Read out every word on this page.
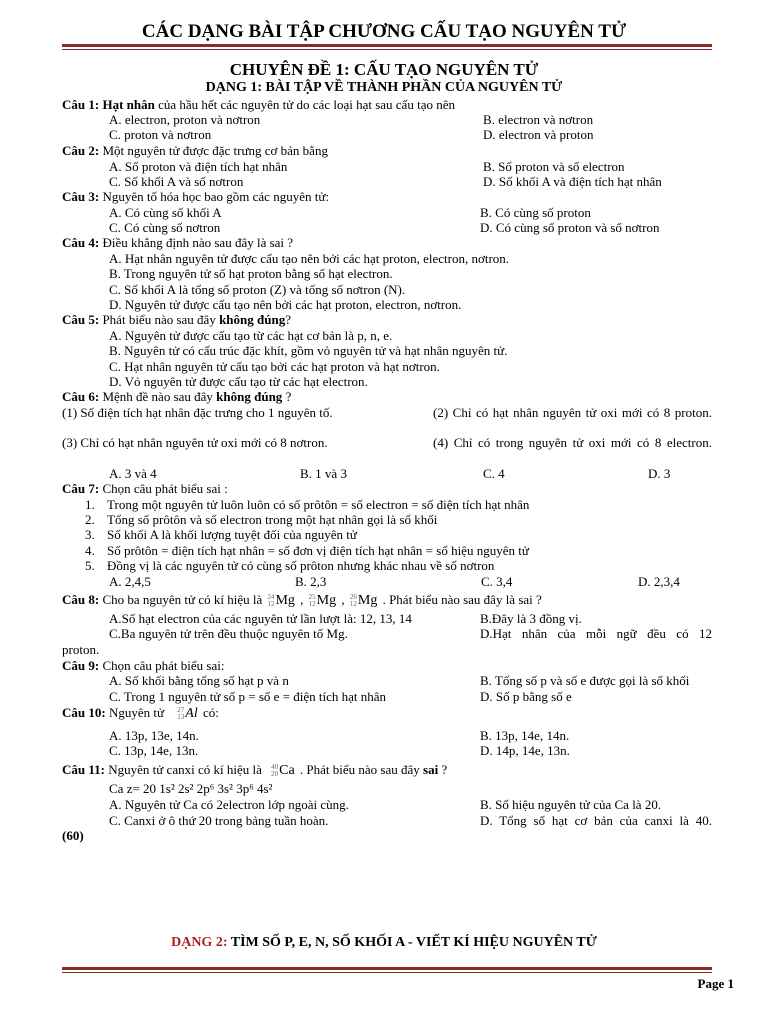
CÁC DẠNG BÀI TẬP CHƯƠNG CẤU TẠO NGUYÊN TỬ
CHUYÊN ĐỀ 1: CẤU TẠO NGUYÊN TỬ
DẠNG 1: BÀI TẬP VỀ THÀNH PHẦN CỦA NGUYÊN TỬ
Câu 1: Hạt nhân của hầu hết các nguyên tử do các loại hạt sau cấu tạo nên
A. electron, proton và nơtron	B. electron và nơtron
C. proton và nơtron	D. electron và proton
Câu 2: Một nguyên tử được đặc trưng cơ bản bằng
A. Số proton và điện tích hạt nhân	B. Số proton và số electron
C. Số khối A và số nơtron	D. Số khối A và điện tích hạt nhân
Câu 3: Nguyên tố hóa học bao gồm các nguyên tử:
A. Có cùng số khối A	B. Có cùng số proton
C. Có cùng số nơtron	D. Có cùng số proton và số nơtron
Câu 4: Điều khẳng định nào sau đây là sai ?
A. Hạt nhân nguyên tử được cấu tạo nên bởi các hạt proton, electron, nơtron.
B. Trong nguyên tử số hạt proton bằng số hạt electron.
C. Số khối A là tổng số proton (Z) và tổng số nơtron (N).
D. Nguyên tử được cấu tạo nên bởi các hạt proton, electron, nơtron.
Câu 5: Phát biểu nào sau đây không đúng?
A. Nguyên tử được cấu tạo từ các hạt cơ bản là p, n, e.
B. Nguyên tử có cấu trúc đặc khít, gồm vỏ nguyên tử và hạt nhân nguyên tử.
C. Hạt nhân nguyên tử cấu tạo bởi các hạt proton và hạt nơtron.
D. Vỏ nguyên tử được cấu tạo từ các hạt electron.
Câu 6: Mệnh đề nào sau đây không đúng ?
(1) Số điện tích hạt nhân đặc trưng cho 1 nguyên tố.	(2) Chỉ có hạt nhân nguyên tử oxi mới có 8 proton.
(3) Chỉ có hạt nhân nguyên tử oxi mới có 8 nơtron.	(4) Chỉ có trong nguyên tử oxi mới có 8 electron.
A. 3 và 4	B. 1 và 3	C. 4	D. 3
Câu 7: Chọn câu phát biểu sai :
1. Trong một nguyên tử luôn luôn có số prôtôn = số electron = số điện tích hạt nhân
2. Tổng số prôtôn và số electron trong một hạt nhân gọi là số khối
3. Số khối A là khối lượng tuyệt đối của nguyên tử
4. Số prôtôn = điện tích hạt nhân = số đơn vị điện tích hạt nhân = số hiệu nguyên tử
5. Đồng vị là các nguyên tử có cùng số prôton nhưng khác nhau về số nơtron
A. 2,4,5	B. 2,3	C. 3,4	D. 2,3,4
Câu 8: Cho ba nguyên tử có kí hiệu là 24
12 Mg , 25
12 Mg , 26
12 Mg . Phát biểu nào sau đây là sai ?
A.Số hạt electron của các nguyên tử lần lượt là: 12, 13, 14	B.Đây là 3 đồng vị.
C.Ba nguyên tử trên đều thuộc nguyên tố Mg.	D.Hạt nhân của mỗi ngữ đều có 12
proton.
Câu 9: Chọn câu phát biểu sai:
A. Số khối bằng tổng số hạt p và n	B. Tổng số p và số e được gọi là số khối
C. Trong 1 nguyên tử số p = số e = điện tích hạt nhân	D. Số p bằng số e
Câu 10: Nguyên tử 27
13 Al có:
A. 13p, 13e, 14n.	B. 13p, 14e, 14n.
C. 13p, 14e, 13n.	D. 14p, 14e, 13n.
Câu 11: Nguyên tử canxi có kí hiệu là 40
20 Ca . Phát biểu nào sau đây sai ?
Ca z= 20 1s² 2s² 2p⁶ 3s² 3p⁶ 4s²
A. Nguyên tử Ca có 2electron lớp ngoài cùng.	B. Số hiệu nguyên tử của Ca là 20.
C. Canxi ở ô thứ 20 trong bảng tuần hoàn.	D. Tổng số hạt cơ bản của canxi là 40.
(60)
DẠNG 2: TÌM SỐ P, E, N, SỐ KHỐI A - VIẾT KÍ HIỆU NGUYÊN TỬ
Page 1
